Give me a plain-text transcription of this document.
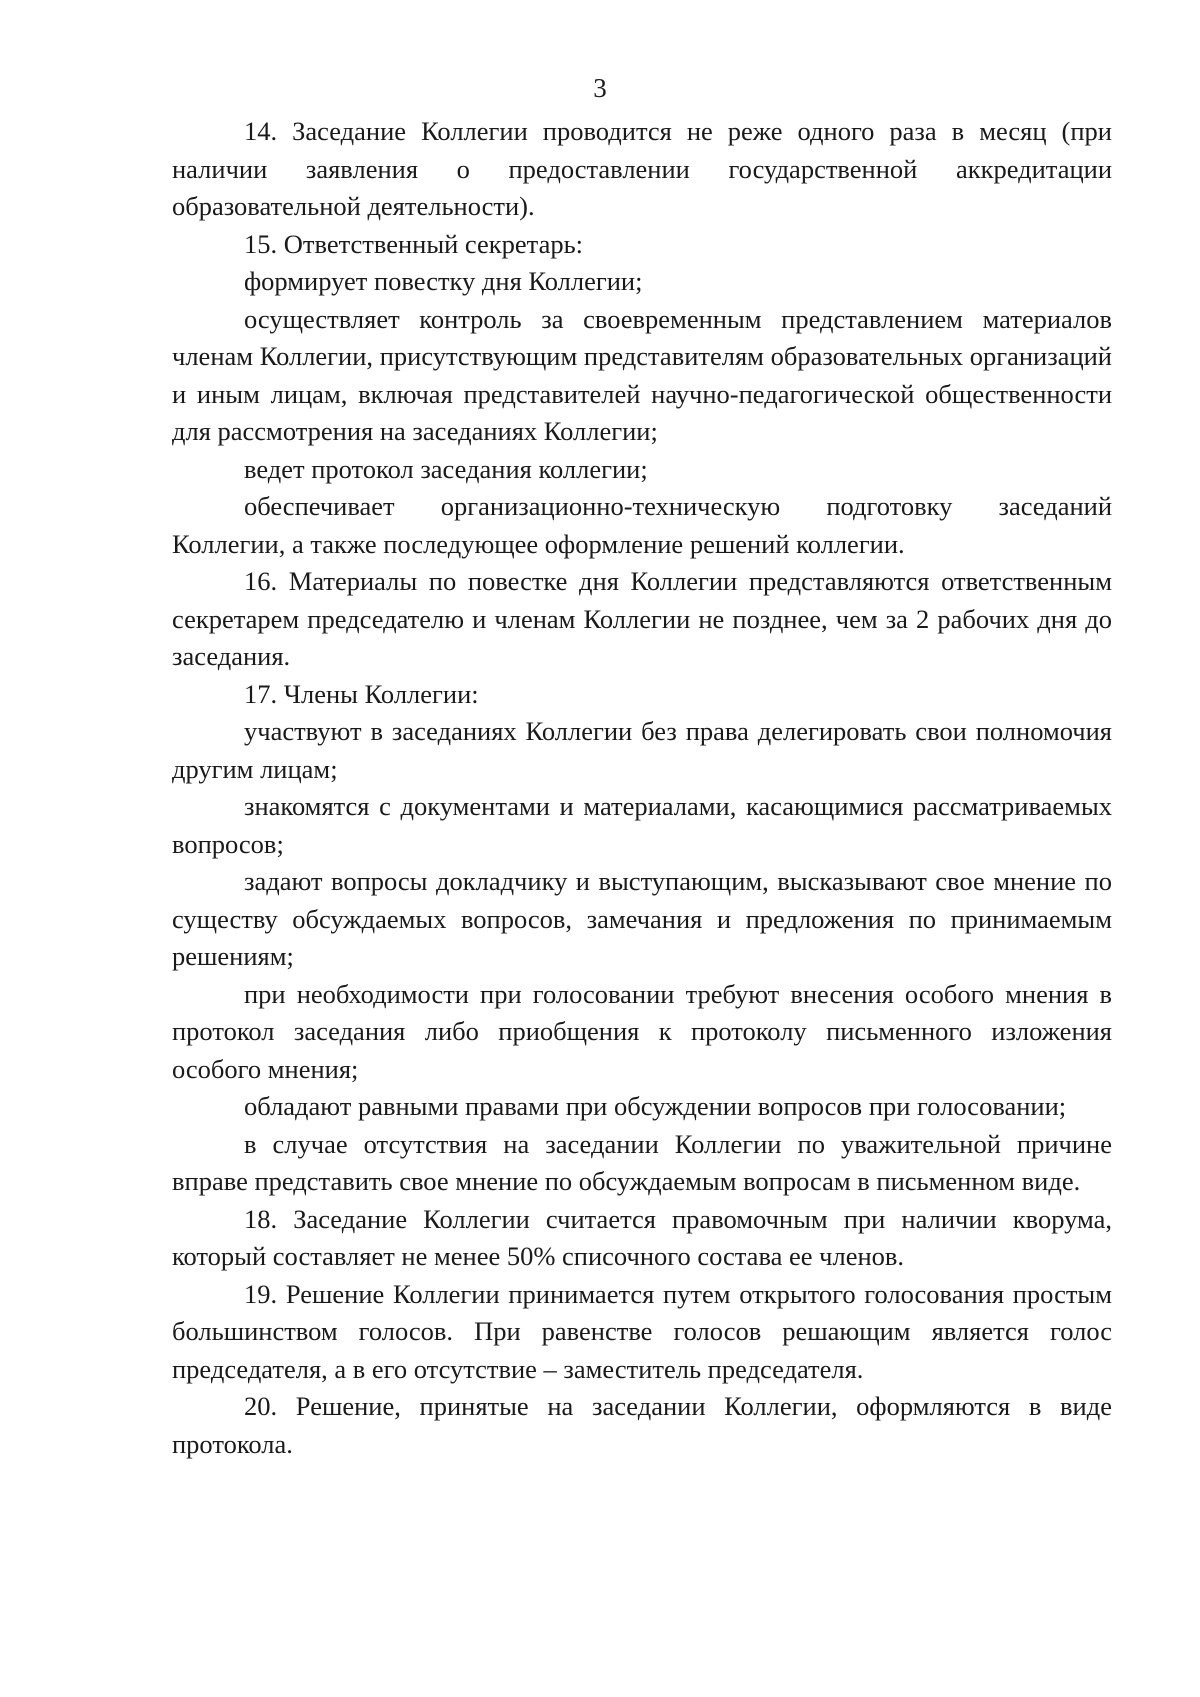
3

14. Заседание Коллегии проводится не реже одного раза в месяц (при наличии заявления о предоставлении государственной аккредитации образовательной деятельности).

15. Ответственный секретарь:

формирует повестку дня Коллегии;

осуществляет контроль за своевременным представлением материалов членам Коллегии, присутствующим представителям образовательных организаций и иным лицам, включая представителей научно-педагогической общественности для рассмотрения на заседаниях Коллегии;

ведет протокол заседания коллегии;

обеспечивает организационно-техническую подготовку заседаний Коллегии, а также последующее оформление решений коллегии.

16. Материалы по повестке дня Коллегии представляются ответственным секретарем председателю и членам Коллегии не позднее, чем за 2 рабочих дня до заседания.

17. Члены Коллегии:

участвуют в заседаниях Коллегии без права делегировать свои полномочия другим лицам;

знакомятся с документами и материалами, касающимися рассматриваемых вопросов;

задают вопросы докладчику и выступающим, высказывают свое мнение по существу обсуждаемых вопросов, замечания и предложения по принимаемым решениям;

при необходимости при голосовании требуют внесения особого мнения в протокол заседания либо приобщения к протоколу письменного изложения особого мнения;

обладают равными правами при обсуждении вопросов при голосовании;

в случае отсутствия на заседании Коллегии по уважительной причине вправе представить свое мнение по обсуждаемым вопросам в письменном виде.

18. Заседание Коллегии считается правомочным при наличии кворума, который составляет не менее 50% списочного состава ее членов.

19. Решение Коллегии принимается путем открытого голосования простым большинством голосов. При равенстве голосов решающим является голос председателя, а в его отсутствие – заместитель председателя.

20. Решение, принятые на заседании Коллегии, оформляются в виде протокола.
